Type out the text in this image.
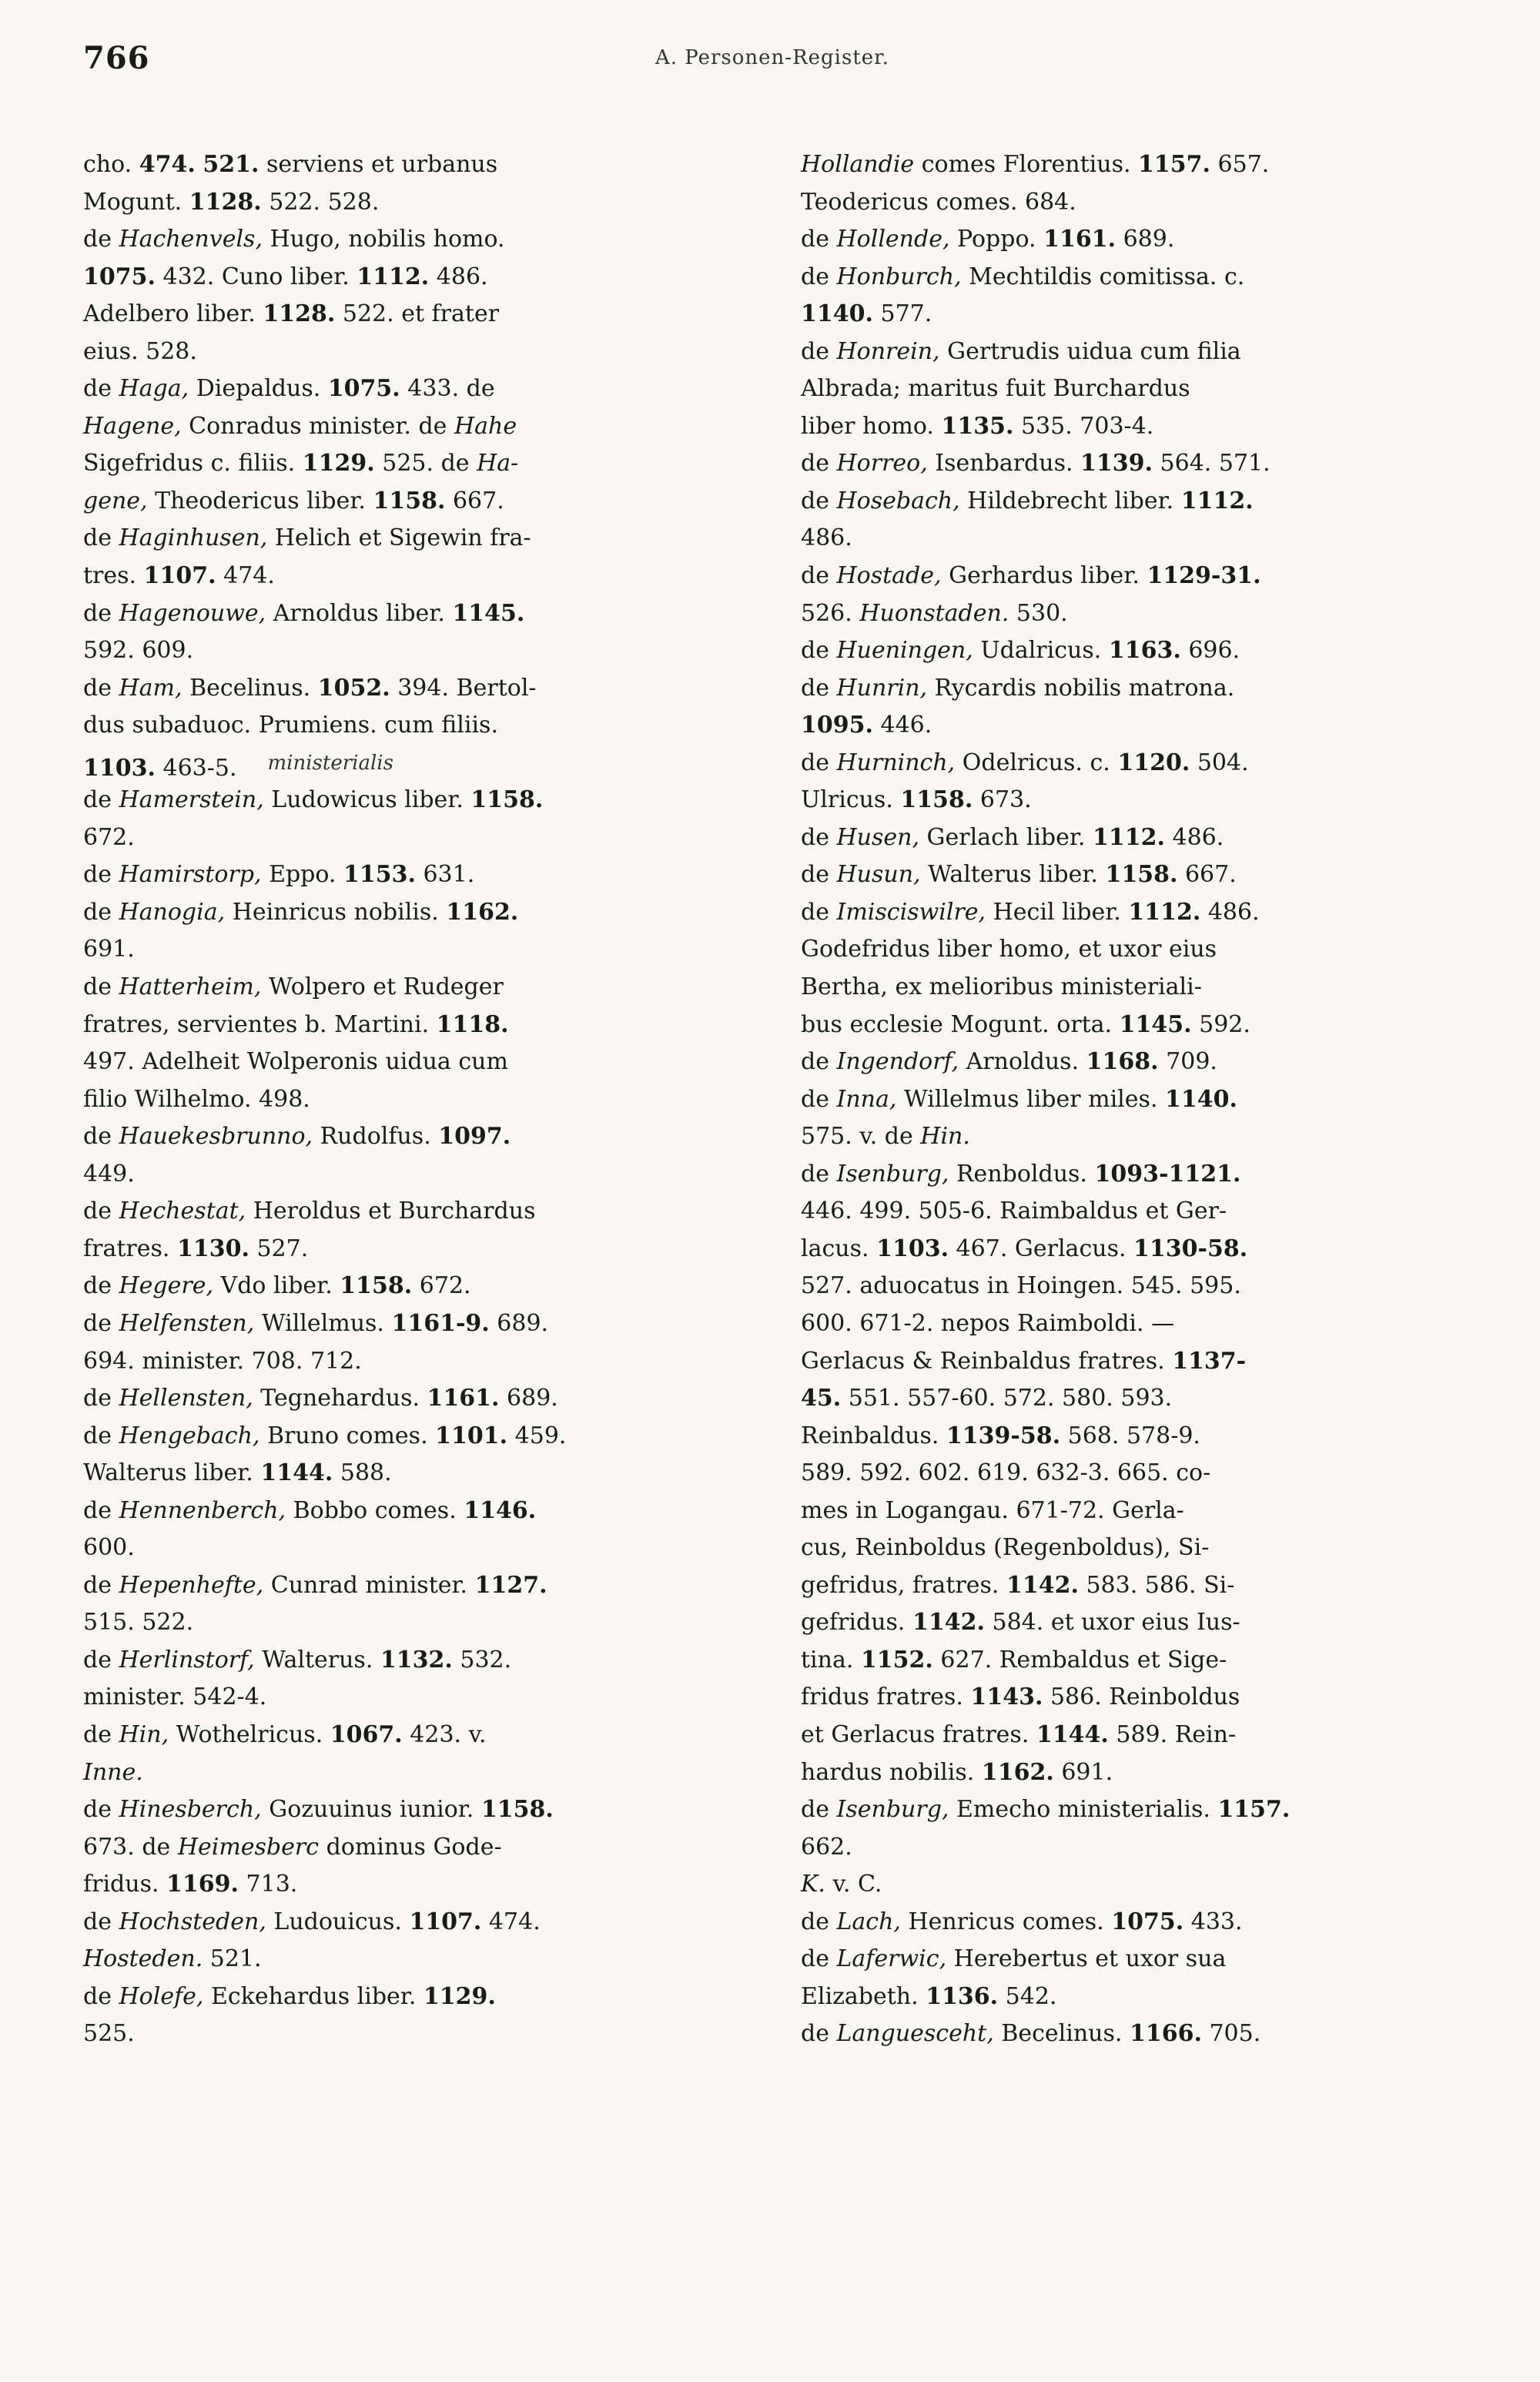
766	A. Personen-Register.
cho. 474. 521. serviens et urbanus
Mogunt. 1128. 522. 528.
de Hachenvels, Hugo, nobilis homo.
1075. 432. Cuno liber. 1112. 486.
Adelbero liber. 1128. 522. et frater
eius. 528.
de Haga, Diepaldus. 1075. 433. de
Hagene, Conradus minister. de Hahe
Sigefridus c. filiis. 1129. 525. de Ha-
gene, Theodericus liber. 1158. 667.
de Haginhusen, Helich et Sigewin fra-
tres. 1107. 474.
de Hagenouwe, Arnoldus liber. 1145.
592. 609.
de Ham, Becelinus. 1052. 394. Bertol-
dus subaduoc. Prumiens. cum filiis.
1103. 463-5. ministerialis
de Hamerstein, Ludowicus liber. 1158.
672.
de Hamirstorp, Eppo. 1153. 631.
de Hanogia, Heinricus nobilis. 1162.
691.
de Hatterheim, Wolpero et Rudeger
fratres, servientes b. Martini. 1118.
497. Adelheit Wolperonis uidua cum
filio Wilhelmo. 498.
de Hauekesbrunno, Rudolfus. 1097.
449.
de Hechestat, Heroldus et Burchardus
fratres. 1130. 527.
de Hegere, Vdo liber. 1158. 672.
de Helfensten, Willelmus. 1161-9. 689.
694. minister. 708. 712.
de Hellensten, Tegnehardus. 1161. 689.
de Hengebach, Bruno comes. 1101. 459.
Walterus liber. 1144. 588.
de Hennenberch, Bobbo comes. 1146.
600.
de Hepenhefte, Cunrad minister. 1127.
515. 522.
de Herlinstorf, Walterus. 1132. 532.
minister. 542-4.
de Hin, Wothelricus. 1067. 423. v.
Inne.
de Hinesberch, Gozuuinus iunior. 1158.
673. de Heimesberc dominus Gode-
fridus. 1169. 713.
de Hochsteden, Ludouicus. 1107. 474.
Hosteden. 521.
de Holefe, Eckehardus liber. 1129.
525.
Hollandie comes Florentius. 1157. 657.
Teodericus comes. 684.
de Hollende, Poppo. 1161. 689.
de Honburch, Mechtildis comitissa. c.
1140. 577.
de Honrein, Gertrudis uidua cum filia
Albrada; maritus fuit Burchardus
liber homo. 1135. 535. 703-4.
de Horreo, Isenbardus. 1139. 564. 571.
de Hosebach, Hildebrecht liber. 1112.
486.
de Hostade, Gerhardus liber. 1129-31.
526. Huonstaden. 530.
de Hueningen, Udalricus. 1163. 696.
de Hunrin, Rycardis nobilis matrona.
1095. 446.
de Hurninch, Odelricus. c. 1120. 504.
Ulricus. 1158. 673.
de Husen, Gerlach liber. 1112. 486.
de Husun, Walterus liber. 1158. 667.
de Imisciswilre, Hecil liber. 1112. 486.
Godefridus liber homo, et uxor eius
Bertha, ex melioribus ministeriali-
bus ecclesie Mogunt. orta. 1145. 592.
de Ingendorf, Arnoldus. 1168. 709.
de Inna, Willelmus liber miles. 1140.
575. v. de Hin.
de Isenburg, Renboldus. 1093-1121.
446. 499. 505-6. Raimbaldus et Ger-
lacus. 1103. 467. Gerlacus. 1130-58.
527. aduocatus in Hoingen. 545. 595.
600. 671-2. nepos Raimboldi. —
Gerlacus & Reinbaldus fratres. 1137-
45. 551. 557-60. 572. 580. 593.
Reinbaldus. 1139-58. 568. 578-9.
589. 592. 602. 619. 632-3. 665. co-
mes in Logangau. 671-72. Gerla-
cus, Reinboldus (Regenboldus), Si-
gefridus, fratres. 1142. 583. 586. Si-
gefridus. 1142. 584. et uxor eius Ius-
tina. 1152. 627. Rembaldus et Sige-
fridus fratres. 1143. 586. Reinboldus
et Gerlacus fratres. 1144. 589. Rein-
hardus nobilis. 1162. 691.
de Isenburg, Emecho ministerialis. 1157.
662.
K. v. C.
de Lach, Henricus comes. 1075. 433.
de Laferwic, Herebertus et uxor sua
Elizabeth. 1136. 542.
de Languesceht, Becelinus. 1166. 705.
